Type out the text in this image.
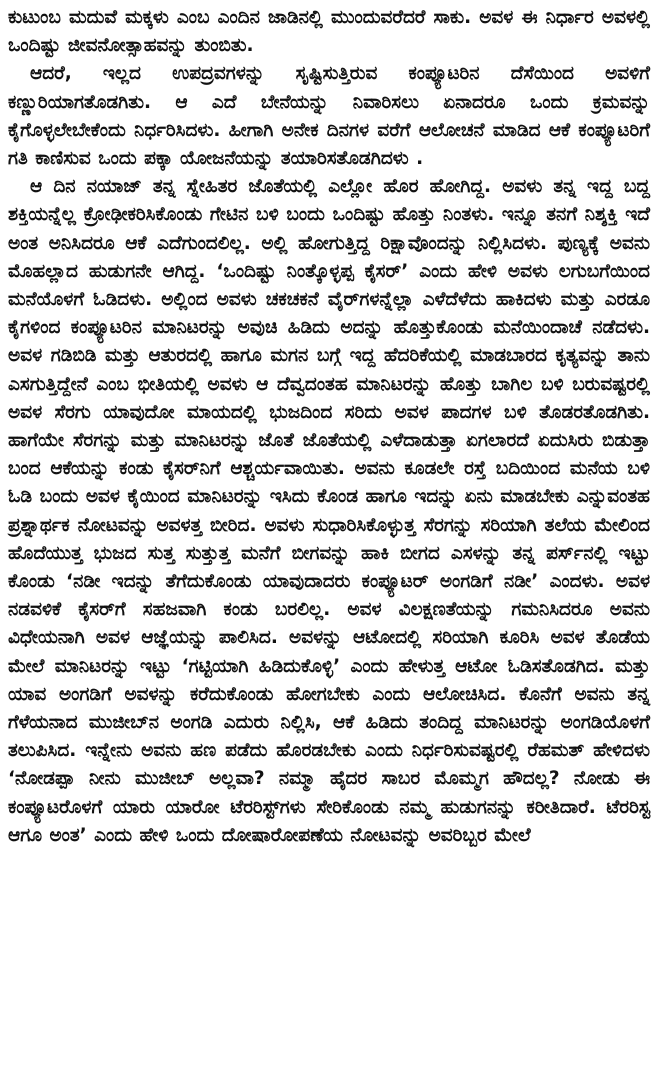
ಕುಟುಂಬ ಮದುವೆ ಮಕ್ಕಳು ಎಂಬ ಎಂದಿನ ಜಾಡಿನಲ್ಲಿ ಮುಂದುವರೆದರೆ ಸಾಕು. ಅವಳ ಈ ನಿರ್ಧಾರ ಅವಳಲ್ಲಿ ಒಂದಿಷ್ಟು ಜೀವನೋತ್ಸಾಹವನ್ನು ತುಂಬಿತು.

ಆದರೆ, ಇಲ್ಲದ ಉಪದ್ರವಗಳನ್ನು ಸೃಷ್ಟಿಸುತ್ತಿರುವ ಕಂಪ್ಯೂಟರಿನ ದೆಸೆಯಿಂದ ಅವಳಿಗೆ ಕಣ್ಣುರಿಯಾಗತೊಡಗಿತು. ಆ ಎದೆ ಬೇನೆಯನ್ನು ನಿವಾರಿಸಲು ಏನಾದರೂ ಒಂದು ಕ್ರಮವನ್ನು ಕೈಗೊಳ್ಳಲೇಬೇಕೆಂದು ನಿರ್ಧರಿಸಿದಳು. ಹೀಗಾಗಿ ಅನೇಕ ದಿನಗಳ ವರೆಗೆ ಆಲೋಚನೆ ಮಾಡಿದ ಆಕೆ ಕಂಪ್ಯೂಟರಿಗೆ ಗತಿ ಕಾಣಿಸುವ ಒಂದು ಪಕ್ಕಾ ಯೋಜನೆಯನ್ನು ತಯಾರಿಸತೊಡಗಿದಳು .

ಆ ದಿನ ನಯಾಜ್ ತನ್ನ ಸ್ನೇಹಿತರ ಜೊತೆಯಲ್ಲಿ ಎಲ್ಲೋ ಹೊರ ಹೋಗಿದ್ದ. ಅವಳು ತನ್ನ ಇದ್ದ ಬದ್ದ ಶಕ್ತಿಯನ್ನೆಲ್ಲ ಕ್ರೋಢೀಕರಿಸಿಕೊಂಡು ಗೇಟಿನ ಬಳಿ ಬಂದು ಒಂದಿಷ್ಟು ಹೊತ್ತು ನಿಂತಳು. ಇನ್ನೂ ತನಗೆ ನಿಶ್ಶಕ್ತಿ ಇದೆ ಅಂತ ಅನಿಸಿದರೂ ಆಕೆ ಎದೆಗುಂದಲಿಲ್ಲ. ಅಲ್ಲಿ ಹೋಗುತ್ತಿದ್ದ ರಿಕ್ಷಾವೊಂದನ್ನು ನಿಲ್ಲಿಸಿದಳು. ಪುಣ್ಯಕ್ಕೆ ಅವನು ಮೊಹಲ್ಲಾದ ಹುಡುಗನೇ ಆಗಿದ್ದ. ‘ಒಂದಿಷ್ಟು ನಿಂತ್ಕೊಳ್ಳಪ್ಪ ಕೈಸರ್’ ಎಂದು ಹೇಳಿ ಅವಳು ಲಗುಬಗೆಯಿಂದ ಮನೆಯೊಳಗೆ ಓಡಿದಳು. ಅಲ್ಲಿಂದ ಅವಳು ಚಕಚಕನೆ ವೈರ್‌ಗಳನ್ನೆಲ್ಲಾ ಎಳೆದೆಳೆದು ಹಾಕಿದಳು ಮತ್ತು ಎರಡೂ ಕೈಗಳಿಂದ ಕಂಪ್ಯೂಟರಿನ ಮಾನಿಟರನ್ನು ಅವುಚಿ ಹಿಡಿದು ಅದನ್ನು ಹೊತ್ತುಕೊಂಡು ಮನೆಯಿಂದಾಚೆ ನಡೆದಳು. ಅವಳ ಗಡಿಬಿಡಿ ಮತ್ತು ಆತುರದಲ್ಲಿ ಹಾಗೂ ಮಗನ ಬಗ್ಗೆ ಇದ್ದ ಹೆದರಿಕೆಯಲ್ಲಿ ಮಾಡಬಾರದ ಕೃತ್ಯವನ್ನು ತಾನು ಎಸಗುತ್ತಿದ್ದೇನೆ ಎಂಬ ಭೀತಿಯಲ್ಲಿ ಅವಳು ಆ ದೆವ್ವದಂತಹ ಮಾನಿಟರನ್ನು ಹೊತ್ತು ಬಾಗಿಲ ಬಳಿ ಬರುವಷ್ಟರಲ್ಲಿ ಅವಳ ಸೆರಗು ಯಾವುದೋ ಮಾಯದಲ್ಲಿ ಭುಜದಿಂದ ಸರಿದು ಅವಳ ಪಾದಗಳ ಬಳಿ ತೊಡರತೊಡಗಿತು. ಹಾಗೆಯೇ ಸೆರಗನ್ನು ಮತ್ತು ಮಾನಿಟರನ್ನು ಜೊತೆ ಜೊತೆಯಲ್ಲಿ ಎಳೆದಾಡುತ್ತಾ ಏಗಲಾರದೆ ಏದುಸಿರು ಬಿಡುತ್ತಾ ಬಂದ ಆಕೆಯನ್ನು ಕಂಡು ಕೈಸರ್‌ನಿಗೆ ಆಶ್ಚರ್ಯವಾಯಿತು. ಅವನು ಕೂಡಲೇ ರಸ್ತೆ ಬದಿಯಿಂದ ಮನೆಯ ಬಳಿ ಓಡಿ ಬಂದು ಅವಳ ಕೈಯಿಂದ ಮಾನಿಟರನ್ನು ಇಸಿದು ಕೊಂಡ ಹಾಗೂ ಇದನ್ನು ಏನು ಮಾಡಬೇಕು ಎನ್ನುವಂತಹ ಪ್ರಶ್ನಾರ್ಥಕ ನೋಟವನ್ನು ಅವಳತ್ತ ಬೀರಿದ. ಅವಳು ಸುಧಾರಿಸಿಕೊಳ್ಳುತ್ತ ಸೆರಗನ್ನು ಸರಿಯಾಗಿ ತಲೆಯ ಮೇಲಿಂದ ಹೊದೆಯುತ್ತ ಭುಜದ ಸುತ್ತ ಸುತ್ತುತ್ತ ಮನೆಗೆ ಬೀಗವನ್ನು ಹಾಕಿ ಬೀಗದ ಎಸಳನ್ನು ತನ್ನ ಪರ್ಸ್‌ನಲ್ಲಿ ಇಟ್ಟು ಕೊಂಡು ‘ನಡೀ ಇದನ್ನು ತೆಗೆದುಕೊಂಡು ಯಾವುದಾದರು ಕಂಪ್ಯೂಟರ್ ಅಂಗಡಿಗೆ ನಡೀ’ ಎಂದಳು. ಅವಳ ನಡವಳಿಕೆ ಕೈಸರ್‌ಗೆ ಸಹಜವಾಗಿ ಕಂಡು ಬರಲಿಲ್ಲ. ಅವಳ ವಿಲಕ್ಷಣತೆಯನ್ನು ಗಮನಿಸಿದರೂ ಅವನು ವಿಧೇಯನಾಗಿ ಅವಳ ಆಜ್ಞೆಯನ್ನು ಪಾಲಿಸಿದ. ಅವಳನ್ನು ಆಟೋದಲ್ಲಿ ಸರಿಯಾಗಿ ಕೂರಿಸಿ ಅವಳ ತೊಡೆಯ ಮೇಲೆ ಮಾನಿಟರನ್ನು ಇಟ್ಟು ‘ಗಟ್ಟಿಯಾಗಿ ಹಿಡಿದುಕೊಳ್ಳಿ’ ಎಂದು ಹೇಳುತ್ತ ಆಟೋ ಓಡಿಸತೊಡಗಿದ. ಮತ್ತು ಯಾವ ಅಂಗಡಿಗೆ ಅವಳನ್ನು ಕರೆದುಕೊಂಡು ಹೋಗಬೇಕು ಎಂದು ಆಲೋಚಿಸಿದ. ಕೊನೆಗೆ ಅವನು ತನ್ನ ಗೆಳೆಯನಾದ ಮುಜೀಬ್‌ನ ಅಂಗಡಿ ಎದುರು ನಿಲ್ಲಿಸಿ, ಆಕೆ ಹಿಡಿದು ತಂದಿದ್ದ ಮಾನಿಟರನ್ನು ಅಂಗಡಿಯೊಳಗೆ ತಲುಪಿಸಿದ. ಇನ್ನೇನು ಅವನು ಹಣ ಪಡೆದು ಹೊರಡಬೇಕು ಎಂದು ನಿರ್ಧರಿಸುವಷ್ಟರಲ್ಲಿ ರೆಹಮತ್ ಹೇಳಿದಳು ‘ನೋಡಪ್ಪಾ ನೀನು ಮುಜೀಬ್ ಅಲ್ಲವಾ? ನಮ್ಮಾ ಹೈದರ ಸಾಬರ ಮೊಮ್ಮಗ ಹೌದಲ್ಲ? ನೋಡು ಈ ಕಂಪ್ಯೂಟರೊಳಗೆ ಯಾರು ಯಾರೋ ಟೆರರಿಸ್ಟ್‌ಗಳು ಸೇರಿಕೊಂಡು ನಮ್ಮ ಹುಡುಗನನ್ನು ಕರೀತಿದಾರೆ. ಟೆರರಿಸ್ಟ ಆಗೂ ಅಂತ’ ಎಂದು ಹೇಳಿ ಒಂದು ದೋಷಾರೋಪಣೆಯ ನೋಟವನ್ನು ಅವರಿಬ್ಬರ ಮೇಲೆ
